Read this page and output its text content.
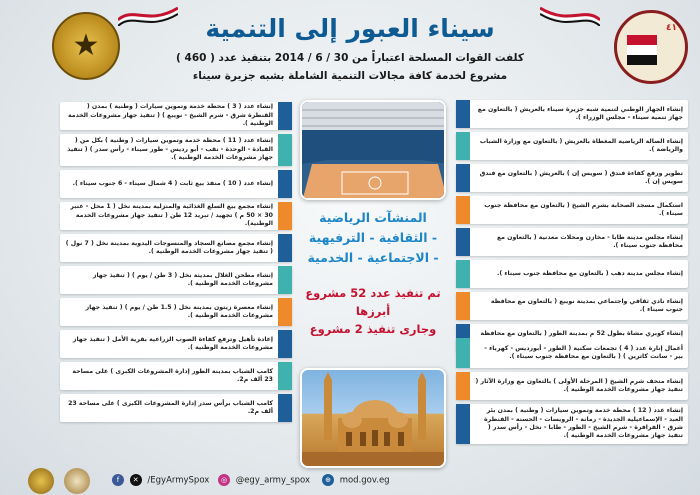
★	سيناء العبور إلى التنمية
كلفت القوات المسلحة اعتباراً من 30 / 6 / 2014 بتنفيذ عدد ( 460 )
مشروع لخدمة كافة مجالات التنمية الشاملة بشبه جزيرة سيناء
٤١
إنشاء عدد ( 3 ) محطة خدمة وتموين سيارات ( وطنية ) بمدن ( القنطرة شرق - شرم الشيخ - نويبع ) ( تنفيذ جهاز مشروعات الخدمة الوطنية ).
إنشاء عدد ( 11 ) محطة خدمة وتموين سيارات ( وطنية ) بكل من ( القبادة - الوحدة - نقب - أبو رديس - طور سيناء - رأس سدر ) ( تنفيذ جهاز مشروعات الخدمة الوطنية ).
إنشاء عدد ( 10 ) منفذ بيع ثابت ( 4 شمال سيناء - 6 جنوب سيناء ).
إنشاء مجمع بيع السلع الغذائية والمنزلية بمدينة نخل ( 1 محل - عنبر 30 × 50 م ) تجهيد / تبريد 12 طن ( تنفيذ جهاز مشروعات الخدمة الوطنية).
إنشاء مجمع مصانع السجاد والمنسوجات اليدوية بمدينة نخل ( 7 نول ) ( تنفيذ جهاز مشروعات الخدمة الوطنية ).
إنشاء مطحن الغلال بمدينة نخل ( 3 طن / يوم ) ( تنفيذ جهاز مشروعات الخدمة الوطنية ).
إنشاء معصرة زيتون بمدينة نخل ( 1.5 طن / يوم ) ( تنفيذ جهاز مشروعات الخدمة الوطنية ).
إعادة تأهيل وترفع كفاءة الصوب الزراعية بقرية الأمل ( تنفيذ جهاز مشروعات الخدمة الوطنية ).
كامب الشباب بمدينة الطور إدارة المشروعات الكبرى ) على مساحة 23 ألف م2.
كامب الشباب برأس سدر إدارة المشروعات الكبرى ) على مساحة 23 ألف م2.
إنشاء الجهاز الوطني لتنمية شبه جزيرة سيناء بالعريش ( بالتعاون مع جهاز تنمية سيناء - مجلس الوزراء ).
إنشاء الصالة الرياضية المغطاة بالعريش ( بالتعاون مع وزارة الشباب والرياضة ).
تطوير ورفع كفاءة فندق ( سويس إن ) بالعريش ( بالتعاون مع فندق سويس إن ).
استكمال مسجد الصحابة بشرم الشيخ ( بالتعاون مع محافظة جنوب سيناء ).
إنشاء مجلس مدينة طابا - مخازن ومحلات معدنية ( بالتعاون مع محافظة جنوب سيناء ).
إنشاء مجلس مدينة دهب ( بالتعاون مع محافظة جنوب سيناء ).
إنشاء نادي ثقافي واجتماعي بمدينة نويبع ( بالتعاون مع محافظة جنوب سيناء ).
إنشاء كوبري مشاة بطول 52 م بمدينة الطور ( بالتعاون مع محافظة
أعمال إنارة عدد ( 4 ) تجمعات سكنية ( الطور - أبورديس - كهرباء - بير - سانت كاترين ) ( بالتعاون مع محافظة جنوب سيناء ).
إنشاء متحف شرم الشيخ ( المرحلة الأولى ) بالتعاون مع وزارة الآثار ( تنفيذ جهاز مشروعات الخدمة الوطنية ).
إنشاء عدد ( 12 ) محطة خدمة وتموين سيارات ( وطنية ) بمدن بئر العبد - الإسماعيلية الجديدة - رمانة - الرويسات - الحسنة - القنطرة شرق - الفرافرة - شرم الشيخ - الطور - طابا - نخل - رأس سدر ( تنفيذ جهاز مشروعات الخدمة الوطنية ).
المنشآت الرياضية
- الثقافية - الترفيهية
- الاجتماعية - الخدمية
تم تنفيذ عدد 52 مشروع أبرزها
وجارى تنفيذ 2 مشروع
f ✕ /EgyArmySpox	◎ @egy_army_spox	⊕ mod.gov.eg
